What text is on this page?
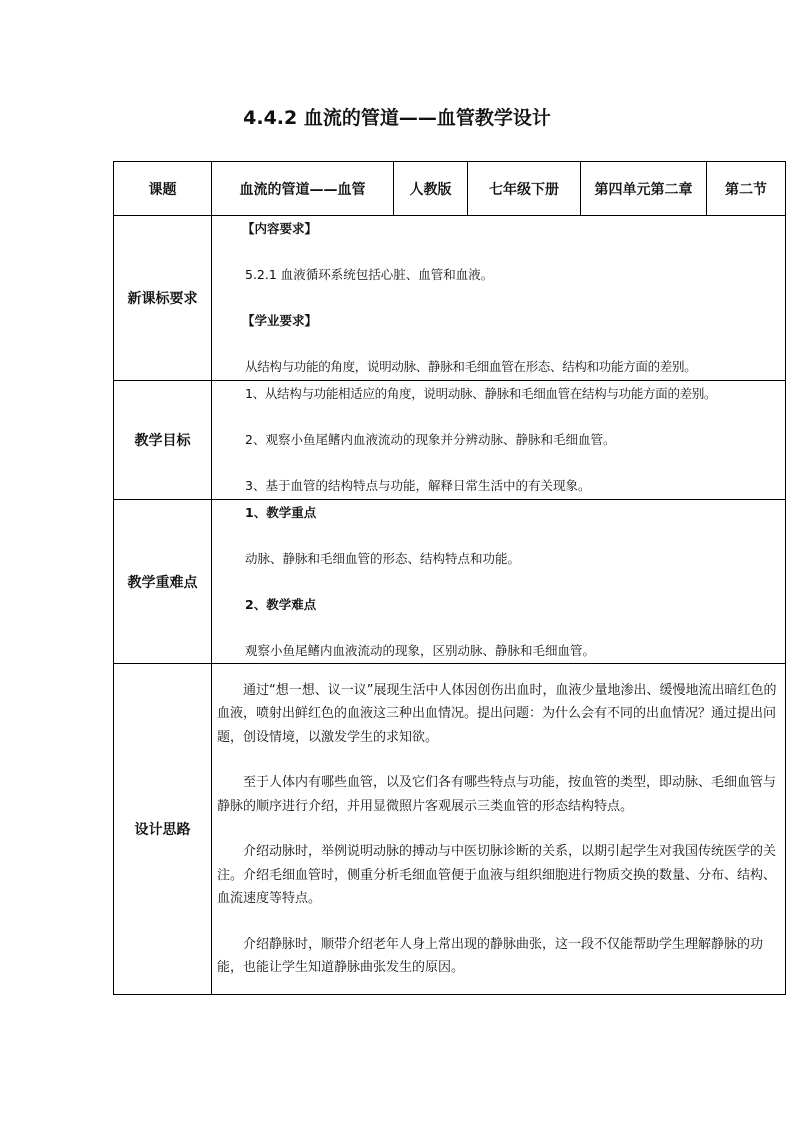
4.4.2 血流的管道——血管教学设计
课题	血流的管道——血管	人教版	七年级下册	第四单元第二章	第二节
新课标要求	【内容要求】

5.2.1 血液循环系统包括心脏、血管和血液。

【学业要求】

从结构与功能的角度，说明动脉、静脉和毛细血管在形态、结构和功能方面的差别。				

教学目标	1、从结构与功能相适应的角度，说明动脉、静脉和毛细血管在结构与功能方面的差别。

2、观察小鱼尾鳍内血液流动的现象并分辨动脉、静脉和毛细血管。

3、基于血管的结构特点与功能，解释日常生活中的有关现象。				

教学重难点	1、教学重点

动脉、静脉和毛细血管的形态、结构特点和功能。

2、教学难点

观察小鱼尾鳍内血液流动的现象，区别动脉、静脉和毛细血管。				

设计思路	通过“想一想、议一议”展现生活中人体因创伤出血时，血液少量地渗出、缓慢地流出暗红色的血液，喷射出鲜红色的血液这三种出血情况。提出问题：为什么会有不同的出血情况？通过提出问题，创设情境，以激发学生的求知欲。

至于人体内有哪些血管，以及它们各有哪些特点与功能，按血管的类型，即动脉、毛细血管与静脉的顺序进行介绍，并用显微照片客观展示三类血管的形态结构特点。

介绍动脉时，举例说明动脉的搏动与中医切脉诊断的关系，以期引起学生对我国传统医学的关注。介绍毛细血管时，侧重分析毛细血管便于血液与组织细胞进行物质交换的数量、分布、结构、血流速度等特点。

介绍静脉时，顺带介绍老年人身上常出现的静脉曲张，这一段不仅能帮助学生理解静脉的功能，也能让学生知道静脉曲张发生的原因。				
